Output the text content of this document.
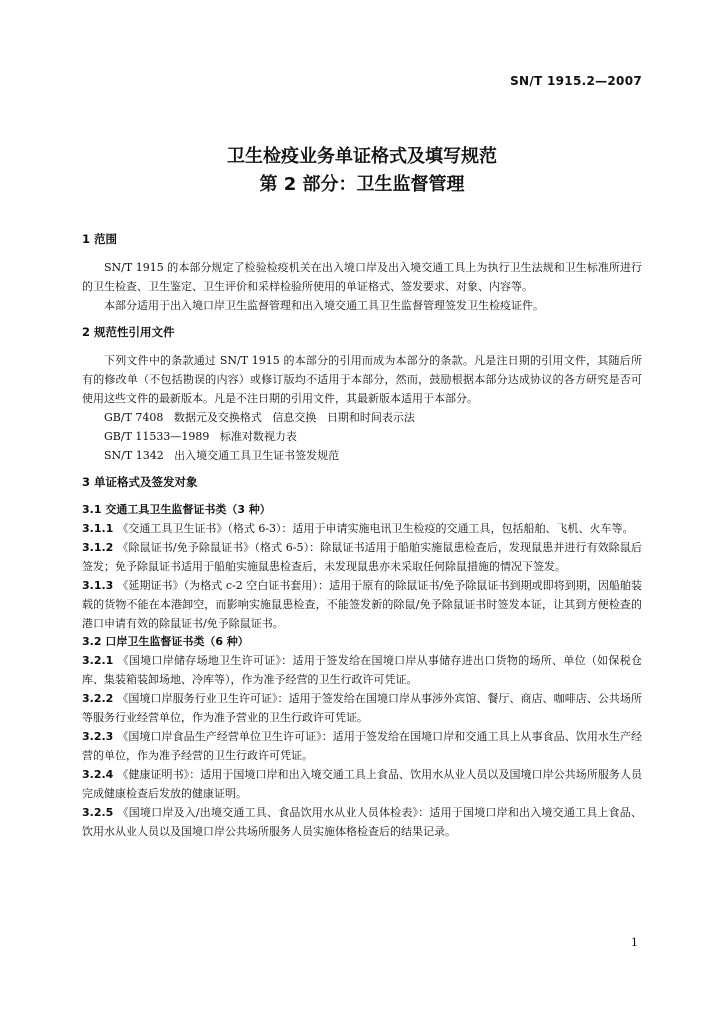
SN/T 1915.2—2007
卫生检疫业务单证格式及填写规范
第 2 部分：卫生监督管理
1 范围

SN/T 1915 的本部分规定了检验检疫机关在出入境口岸及出入境交通工具上为执行卫生法规和卫生标准所进行的卫生检查、卫生鉴定、卫生评价和采样检验所使用的单证格式、签发要求、对象、内容等。

本部分适用于出入境口岸卫生监督管理和出入境交通工具卫生监督管理签发卫生检疫证件。

2 规范性引用文件

下列文件中的条款通过 SN/T 1915 的本部分的引用而成为本部分的条款。凡是注日期的引用文件，其随后所有的修改单（不包括勘误的内容）或修订版均不适用于本部分，然而，鼓励根据本部分达成协议的各方研究是否可使用这些文件的最新版本。凡是不注日期的引用文件，其最新版本适用于本部分。

GB/T 7408   数据元及交换格式   信息交换   日期和时间表示法

GB/T 11533—1989   标准对数视力表

SN/T 1342   出入境交通工具卫生证书签发规范

3 单证格式及签发对象
3.1 交通工具卫生监督证书类（3 种）

3.1.1 《交通工具卫生证书》（格式 6-3）：适用于申请实施电讯卫生检疫的交通工具，包括船舶、飞机、火车等。

3.1.2 《除鼠证书/免予除鼠证书》（格式 6-5）：除鼠证书适用于船舶实施鼠患检查后，发现鼠患并进行有效除鼠后签发；免予除鼠证书适用于船舶实施鼠患检查后，未发现鼠患亦未采取任何除鼠措施的情况下签发。

3.1.3 《延期证书》（为格式 c-2 空白证书套用）：适用于原有的除鼠证书/免予除鼠证书到期或即将到期，因船舶装载的货物不能在本港卸空，而影响实施鼠患检查，不能签发新的除鼠/免予除鼠证书时签发本证，让其到方便检查的港口申请有效的除鼠证书/免予除鼠证书。

3.2 口岸卫生监督证书类（6 种）

3.2.1 《国境口岸储存场地卫生许可证》：适用于签发给在国境口岸从事储存进出口货物的场所、单位（如保税仓库、集装箱装卸场地、冷库等），作为准予经营的卫生行政许可凭证。

3.2.2 《国境口岸服务行业卫生许可证》：适用于签发给在国境口岸从事涉外宾馆、餐厅、商店、咖啡店、公共场所等服务行业经营单位，作为准予营业的卫生行政许可凭证。

3.2.3 《国境口岸食品生产经营单位卫生许可证》：适用于签发给在国境口岸和交通工具上从事食品、饮用水生产经营的单位，作为准予经营的卫生行政许可凭证。

3.2.4 《健康证明书》：适用于国境口岸和出入境交通工具上食品、饮用水从业人员以及国境口岸公共场所服务人员完成健康检查后发放的健康证明。

3.2.5 《国境口岸及入/出境交通工具、食品饮用水从业人员体检表》：适用于国境口岸和出入境交通工具上食品、饮用水从业人员以及国境口岸公共场所服务人员实施体格检查后的结果记录。

1
